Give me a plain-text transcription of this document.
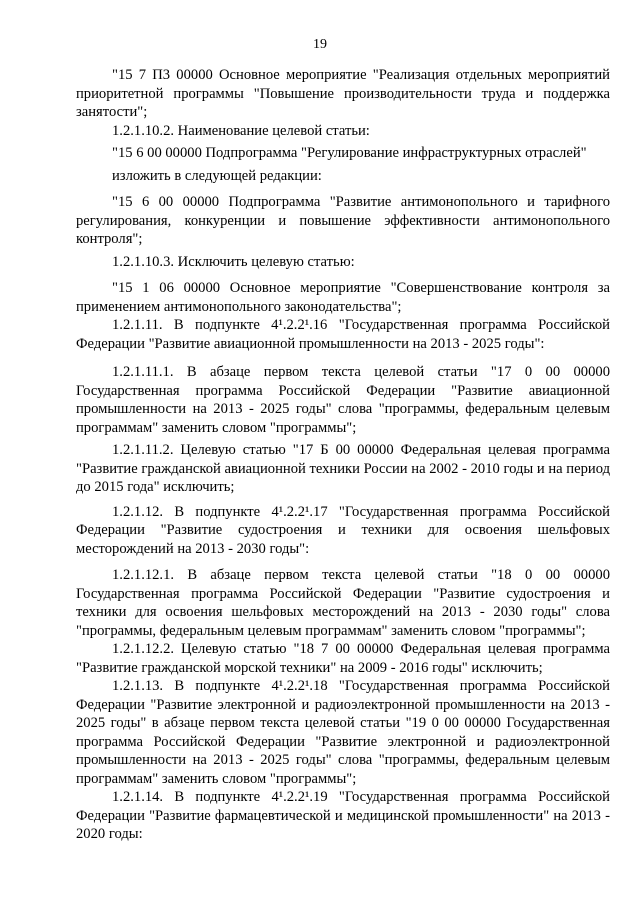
19

"15 7 П3 00000 Основное мероприятие "Реализация отдельных мероприятий приоритетной программы "Повышение производительности труда и поддержка занятости";

1.2.1.10.2. Наименование целевой статьи:

"15 6 00 00000 Подпрограмма "Регулирование инфраструктурных отраслей"

изложить в следующей редакции:

"15 6 00 00000 Подпрограмма "Развитие антимонопольного и тарифного регулирования, конкуренции и повышение эффективности антимонопольного контроля";

1.2.1.10.3. Исключить целевую статью:

"15 1 06 00000 Основное мероприятие "Совершенствование контроля за применением антимонопольного законодательства";

1.2.1.11. В подпункте 4¹.2.2¹.16 "Государственная программа Российской Федерации "Развитие авиационной промышленности на 2013 - 2025 годы":

1.2.1.11.1. В абзаце первом текста целевой статьи "17 0 00 00000 Государственная программа Российской Федерации "Развитие авиационной промышленности на 2013 - 2025 годы" слова "программы, федеральным целевым программам" заменить словом "программы";

1.2.1.11.2. Целевую статью "17 Б 00 00000 Федеральная целевая программа "Развитие гражданской авиационной техники России на 2002 - 2010 годы и на период до 2015 года" исключить;

1.2.1.12. В подпункте 4¹.2.2¹.17 "Государственная программа Российской Федерации "Развитие судостроения и техники для освоения шельфовых месторождений на 2013 - 2030 годы":

1.2.1.12.1. В абзаце первом текста целевой статьи "18 0 00 00000 Государственная программа Российской Федерации "Развитие судостроения и техники для освоения шельфовых месторождений на 2013 - 2030 годы" слова "программы, федеральным целевым программам" заменить словом "программы";

1.2.1.12.2. Целевую статью "18 7 00 00000 Федеральная целевая программа "Развитие гражданской морской техники" на 2009 - 2016 годы" исключить;

1.2.1.13. В подпункте 4¹.2.2¹.18 "Государственная программа Российской Федерации "Развитие электронной и радиоэлектронной промышленности на 2013 - 2025 годы" в абзаце первом текста целевой статьи "19 0 00 00000 Государственная программа Российской Федерации "Развитие электронной и радиоэлектронной промышленности на 2013 - 2025 годы" слова "программы, федеральным целевым программам" заменить словом "программы";

1.2.1.14. В подпункте 4¹.2.2¹.19 "Государственная программа Российской Федерации "Развитие фармацевтической и медицинской промышленности" на 2013 - 2020 годы:
